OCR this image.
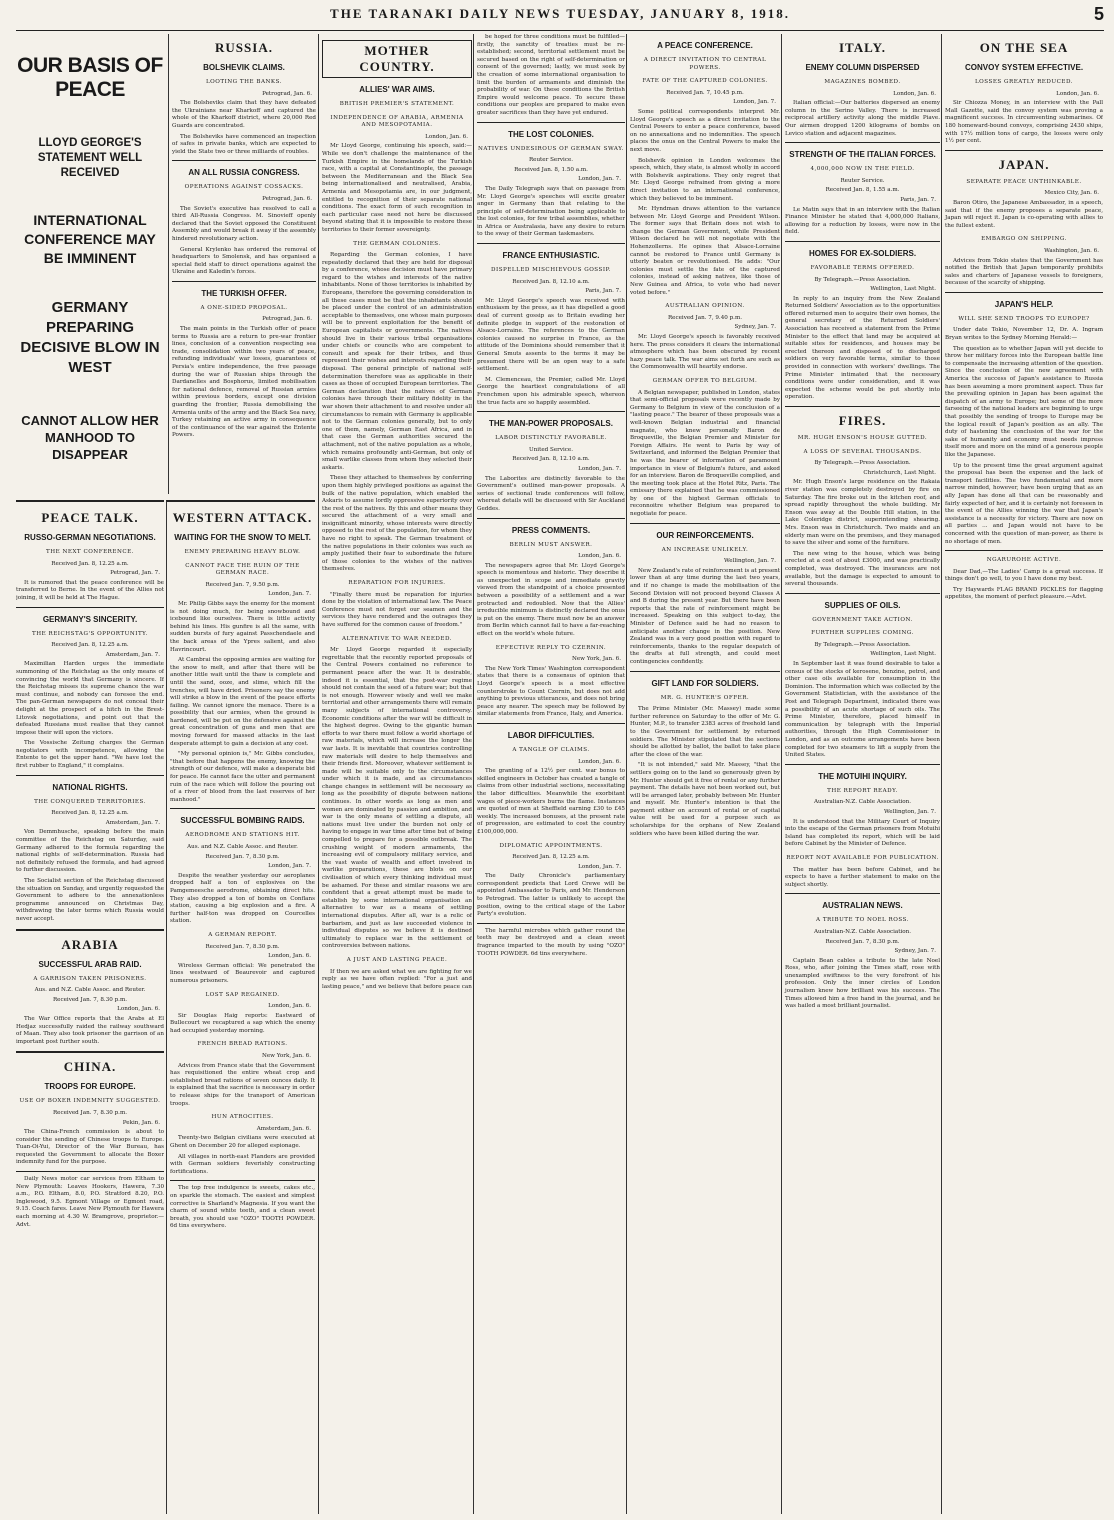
THE TARANAKI DAILY NEWS TUESDAY, JANUARY 8, 1918.	5
OUR BASIS OF PEACE
LLOYD GEORGE'S STATEMENT WELL RECEIVED
INTERNATIONAL CONFERENCE MAY BE IMMINENT
GERMANY PREPARING DECISIVE BLOW IN WEST
CANNOT ALLOW HER MANHOOD TO DISAPPEAR
PEACE TALK.
RUSSO-GERMAN NEGOTIATIONS.
THE NEXT CONFERENCE.
Received Jan. 8, 12.25 a.m.
Petrograd, Jan. 7.

It is rumored that the peace conference will be transferred to Berne. In the event of the Allies not joining, it will be held at The Hague.

GERMANY'S SINCERITY.
THE REICHSTAG'S OPPORTUNITY.
Received Jan. 8, 12.25 a.m.
Amsterdam, Jan. 7.

Maximilian Harden urges the immediate summoning of the Reichstag as the only means of convincing the world that Germany is sincere. If the Reichstag misses its supreme chance the war must continue, and nobody can foresee the end. The pan-German newspapers do not conceal their delight at the prospect of a hitch in the Brest-Litovsk negotiations, and point out that the defeated Russians must realise that they cannot impose their will upon the victors.

The Vossische Zeitung charges the German negotiators with incompetence, allowing the Entente to get the upper hand. "We have lost the first rubber to England," it complains.

NATIONAL RIGHTS.
THE CONQUERED TERRITORIES.
Received Jan. 8, 12.25 a.m.
Amsterdam, Jan. 7.

Von Demmhusche, speaking before the main committee of the Reichstag on Saturday, said Germany adhered to the formula regarding the national rights of self-determination. Russia had not definitely refused the formula, and had agreed to further discussion.

The Socialist section of the Reichstag discussed the situation on Sunday, and urgently requested the Government to adhere to the annexationless programme announced on Christmas Day, withdrawing the later terms which Russia would never accept.

ARABIA
SUCCESSFUL ARAB RAID.
A GARRISON TAKEN PRISONERS.
Aus. and N.Z. Cable Assoc. and Reuter.
Received Jan. 7, 8.30 p.m.
London, Jan. 6.

The War Office reports that the Arabs at El Hedjaz successfully raided the railway southward of Maan. They also took prisoner the garrison of an important post further south.

CHINA.
TROOPS FOR EUROPE.
USE OF BOXER INDEMNITY SUGGESTED.
Received Jan. 7, 8.30 p.m.
Pekin, Jan. 6.

The China-French commission is about to consider the sending of Chinese troops to Europe. Tuan-Oi-Yui, Director of the War Bureau, has requested the Government to allocate the Boxer indemnity fund for the purpose.

Daily News motor car services from Eltham to New Plymouth: Leaves Hookers, Hawera, 7.30 a.m., P.O. Eltham, 8.0, P.O. Stratford 8.20, P.O. Inglewood, 9.5. Egmont Village or Egmont road, 9.15. Coach fares. Leave New Plymouth for Hawera each morning at 4.30 W. Bramgrove, proprietor.—Advt.

WESTERN ATTACK.
WAITING FOR THE SNOW TO MELT.
ENEMY PREPARING HEAVY BLOW.
CANNOT FACE THE RUIN OF THE GERMAN RACE.
Received Jan. 7, 9.50 p.m.
London, Jan. 7.

Mr. Philip Gibbs says the enemy for the moment is not doing much, for being snowbound and icebound like ourselves. There is little activity behind his lines. His gunfire is all the same, with sudden bursts of fury against Passchendaele and the back areas of the Ypres salient, and also Havrincourt.

At Cambrai the opposing armies are waiting for the snow to melt, and after that there will be another little wait until the thaw is complete and until the sand, ooze, and slime, which fill the trenches, will have dried. Prisoners say the enemy will strike a blow in the event of the peace efforts failing. We cannot ignore the menace. There is a possibility that our armies, when the ground is hardened, will be put on the defensive against the great concentration of guns and men that are moving forward for massed attacks in the last desperate attempt to gain a decision at any cost.

"My personal opinion is," Mr. Gibbs concludes, "that before that happens the enemy, knowing the strength of our defence, will make a desperate bid for peace. He cannot face the utter and permanent ruin of the race which will follow the pouring out of a river of blood from the last reserves of her manhood."

SUCCESSFUL BOMBING RAIDS.
AERODROME AND STATIONS HIT.
Aus. and N.Z. Cable Assoc. and Reuter.
Received Jan. 7, 8.30 p.m.
London, Jan. 7.

Despite the weather yesterday our aeroplanes dropped half a ton of explosives on the Pamgemeesche aerodrome, obtaining direct hits. They also dropped a ton of bombs on Conflans station, causing a big explosion and a fire. A further half-ton was dropped on Courcelles station.

A GERMAN REPORT.
Received Jan. 7, 8.30 p.m.
London, Jan. 6.

Wireless German official: We penetrated the lines westward of Beaurevoir and captured numerous prisoners.

LOST SAP REGAINED.
London, Jan. 6.

Sir Douglas Haig reports: Eastward of Bullecourt we recaptured a sap which the enemy had occupied yesterday morning.

FRENCH BREAD RATIONS.
New York, Jan. 6.

Advices from France state that the Government has requisitioned the entire wheat crop and established bread rations of seven ounces daily. It is explained that the sacrifice is necessary in order to release ships for the transport of American troops.

HUN ATROCITIES.
Amsterdam, Jan. 6.

Twenty-two Belgian civilians were executed at Ghent on December 20 for alleged espionage.

All villages in north-east Flanders are provided with German soldiers feverishly constructing fortifications.

The top free indulgence is sweets, cakes etc., on sparkle the stomach. The easiest and simplest corrective is Sharland's Magnesia. If you want the charm of sound white teeth, and a clean sweet breath, you should use "OZO" TOOTH POWDER. 6d tins everywhere.

RUSSIA.
BOLSHEVIK CLAIMS.
LOOTING THE BANKS.
Petrograd, Jan. 6.

The Bolsheviks claim that they have defeated the Ukrainians near Kharkoff and captured the whole of the Kharkoff district, where 20,000 Red Guards are concentrated.

The Bolsheviks have commenced an inspection of safes in private banks, which are expected to yield the State two or three milliards of roubles.

AN ALL RUSSIA CONGRESS.
OPERATIONS AGAINST COSSACKS.
Petrograd, Jan. 6.

The Soviet's executive has resolved to call a third All-Russia Congress. M. Sinovieff openly declared that the Soviet opposed the Constituent Assembly and would break it away if the assembly hindered revolutionary action.

General Krylenko has ordered the removal of headquarters to Smolensk, and has organised a special field staff to direct operations against the Ukraine and Kaledin's forces.

THE TURKISH OFFER.
A ONE-SIDED PROPOSAL.
Petrograd, Jan. 6.

The main points in the Turkish offer of peace terms to Russia are a return to pre-war frontier lines, conclusion of a convention respecting sea trade, consolidation within two years of peace, refunding individuals' war losses, guarantees of Persia's entire independence, the free passage during the war of Russian ships through the Dardanelles and Bosphorus, limited mobilisation for national defence, removal of Russian armies within previous borders, except one division guarding the frontier, Russia demobilising the Armenia units of the army and the Black Sea navy, Turkey retaining an active army in consequence of the continuance of the war against the Entente Powers.

MOTHER COUNTRY.
ALLIES' WAR AIMS.
BRITISH PREMIER'S STATEMENT.
INDEPENDENCE OF ARABIA, ARMENIA AND MESOPOTAMIA.
London, Jan. 6.

Mr Lloyd George, continuing his speech, said:—While we don't challenge the maintenance of the Turkish Empire in the homelands of the Turkish race, with a capital at Constantinople, the passage between the Mediterranean and the Black Sea being internationalised and neutralised, Arabia, Armenia and Mesopotamia are, in our judgment, entitled to recognition of their separate national conditions. The exact form of such recognition in each particular case need not here be discussed beyond stating that it is impossible to restore these territories to their former sovereignty.

THE GERMAN COLONIES.

Regarding the German colonies, I have repeatedly declared that they are held for disposal by a conference, whose decision must have primary regard to the wishes and interests of the native inhabitants. None of those territories is inhabited by Europeans, therefore the governing consideration in all these cases must be that the inhabitants should be placed under the control of an administration acceptable to themselves, one whose main purposes will be to prevent exploitation for the benefit of European capitalists or governments. The natives should live in their various tribal organisations under chiefs or councils who are competent to consult and speak for their tribes, and thus represent their wishes and interests regarding their disposal. The general principle of national self-determination therefore was as applicable in their cases as those of occupied European territories. The German declaration that the natives of German colonies have through their military fidelity in the war shown their attachment to and resolve under all circumstances to remain with Germany is applicable not to the German colonies generally, but to only one of them, namely, German East Africa, and in that case the German authorities secured the attachment, not of the native population as a whole, which remains profoundly anti-German, but only of small warlike classes from whom they selected their askaris.

These they attached to themselves by conferring upon them highly privileged positions as against the bulk of the native population, which enabled the Askaris to assume lordly oppressive superiority over the rest of the natives. By this and other means they secured the attachment of a very small and insignificant minority, whose interests were directly opposed to the rest of the population, for whom they have no right to speak. The German treatment of the native populations in their colonies was such as amply justified their fear to subordinate the future of those colonies to the wishes of the natives themselves.

REPARATION FOR INJURIES.

"Finally there must be reparation for injuries done by the violation of international law. The Peace Conference must not forget our seamen and the services they have rendered and the outrages they have suffered for the common cause of freedom."

ALTERNATIVE TO WAR NEEDED.

Mr Lloyd George regarded it especially regrettable that the recently reported proposals of the Central Powers contained no reference to permanent peace after the war. It is desirable, indeed it is essential, that the post-war regime should not contain the seed of a future war; but that is not enough. However wisely and well we make territorial and other arrangements there will remain many subjects of international controversy. Economic conditions after the war will be difficult in the highest degree. Owing to the gigantic human efforts to war there must follow a world shortage of raw materials, which will increase the longer the war lasts. It is inevitable that countries controlling raw materials will desire to help themselves and their friends first. Moreover, whatever settlement is made will be suitable only to the circumstances under which it is made, and as circumstances change changes in settlement will be necessary as long as the possibility of dispute between nations continues. In other words as long as men and women are dominated by passion and ambition, and war is the only means of settling a dispute, all nations must live under the burden not only of having to engage in war time after time but of being compelled to prepare for a possible outbreak. The crushing weight of modern armaments, the increasing evil of compulsory military service, and the vast waste of wealth and effort involved in warlike preparations, these are blots on our civilisation of which every thinking individual must be ashamed. For these and similar reasons we are confident that a great attempt must be made to establish by some international organisation an alternative to war as a means of settling international disputes. After all, war is a relic of barbarism, and just as law succeeded violence in individual disputes so we believe it is destined ultimately to replace war in the settlement of controversies between nations.

A JUST AND LASTING PEACE.

If then we are asked what we are fighting for we reply as we have often replied: "For a just and lasting peace," and we believe that before peace can

be hoped for three conditions must be fulfilled—firstly, the sanctity of treaties must be re-established; second, territorial settlement must be secured based on the right of self-determination or consent of the governed; lastly, we must seek by the creation of some international organisation to limit the burden of armaments and diminish the probability of war. On these conditions the British Empire would welcome peace. To secure these conditions our peoples are prepared to make even greater sacrifices than they have yet endured.

THE LOST COLONIES.
NATIVES UNDESIROUS OF GERMAN SWAY.
Reuter Service.
Received Jan. 8, 1.50 a.m.
London, Jan. 7.

The Daily Telegraph says that on passage from Mr. Lloyd George's speeches will excite greater anger in Germany than that relating to the principle of self-determination being applicable to the lost colonies, for few tribal assemblies, whether in Africa or Australasia, have any desire to return to the sway of their German taskmasters.

FRANCE ENTHUSIASTIC.
DISPELLED MISCHIEVOUS GOSSIP.
Received Jan. 8, 12.10 a.m.
Paris, Jan. 7.

Mr. Lloyd George's speech was received with enthusiasm by the press, as it has dispelled a good deal of current gossip as to Britain evading her definite pledge in support of the restoration of Alsace-Lorraine. The references to the German colonies caused no surprise in France, as the attitude of the Dominions should remember that it General Smuts assents to the terms it may be presumed there will be an open way to a safe settlement.

M. Clemenceau, the Premier, called Mr. Lloyd George the heartiest congratulations of all Frenchmen upon his admirable speech, whereon the true facts are so happily assembled.

THE MAN-POWER PROPOSALS.
LABOR DISTINCTLY FAVORABLE.
United Service.
Received Jan. 8, 12.10 a.m.
London, Jan. 7.

The Laborites are distinctly favorable to the Government's outlined man-power proposals. A series of sectional trade conferences will follow, whereat details will be discussed with Sir Auckland Geddes.

PRESS COMMENTS.
BERLIN MUST ANSWER.
London, Jan. 6.

The newspapers agree that Mr. Lloyd George's speech is momentous and historic. They describe it as unexpected in scope and immediate gravity viewed from the standpoint of a choice presented between a possibility of a settlement and a war protracted and redoubled. Now that the Allies' irreducible minimum is distinctly declared the onus is put on the enemy. There must now be an answer from Berlin which cannot fail to have a far-reaching effect on the world's whole future.

EFFECTIVE REPLY TO CZERNIN.
New York, Jan. 6.

The New York Times' Washington correspondent states that there is a consensus of opinion that Lloyd George's speech is a most effective counterstroke to Count Czernin, but does not add anything to previous utterances, and does not bring peace any nearer. The speech may be followed by similar statements from France, Italy, and America.

LABOR DIFFICULTIES.
A TANGLE OF CLAIMS.
London, Jan. 6.

The granting of a 12½ per cent. war bonus to skilled engineers in October has created a tangle of claims from other industrial sections, necessitating the labor difficulties. Meanwhile the exorbitant wages of piece-workers burns the flame. Instances are quoted of men at Sheffield earning £30 to £45 weekly. The increased bonuses, at the present rate of progression, are estimated to cost the country £100,000,000.

DIPLOMATIC APPOINTMENTS.
Received Jan. 8, 12.25 a.m.
London, Jan. 7.

The Daily Chronicle's parliamentary correspondent predicts that Lord Crewe will be appointed Ambassador to Paris, and Mr. Henderson to Petrograd. The latter is unlikely to accept the position, owing to the critical stage of the Labor Party's evolution.

The harmful microbes which gather round the teeth may be destroyed and a clean sweet fragrance imparted to the mouth by using "OZO" TOOTH POWDER. 6d tins everywhere.

A PEACE CONFERENCE.
A DIRECT INVITATION TO CENTRAL POWERS.
FATE OF THE CAPTURED COLONIES.
Received Jan. 7, 10.45 p.m.
London, Jan. 7.

Some political correspondents interpret Mr. Lloyd George's speech as a direct invitation to the Central Powers to enter a peace conference, based on no annexations and no indemnities. The speech places the onus on the Central Powers to make the next move.

Bolshevik opinion in London welcomes the speech, which, they state, is almost wholly in accord with Bolshevik aspirations. They only regret that Mr. Lloyd George refrained from giving a more direct invitation to an international conference, which they believed to be imminent.

Mr. Hyndman draws attention to the variance between Mr. Lloyd George and President Wilson. The former says that Britain does not wish to change the German Government, while President Wilson declared he will not negotiate with the Hohenzollerns. He opines that Alsace-Lorraine cannot be restored to France until Germany is utterly beaten or revolutionised. He adds: "Our colonies must settle the fate of the captured colonies, instead of asking natives, like those of New Guinea and Africa, to vote who had never voted before."

AUSTRALIAN OPINION.
Received Jan. 7, 9.40 p.m.
Sydney, Jan. 7.

Mr. Lloyd George's speech is favorably received here. The press considers it clears the international atmosphere which has been obscured by recent hazy peace talk. The war aims set forth are such as the Commonwealth will heartily endorse.

GERMAN OFFER TO BELGIUM.

A Belgian newspaper, published in London, states that semi-official proposals were recently made by Germany to Belgium in view of the conclusion of a "lasting peace." The bearer of these proposals was a well-known Belgian industrial and financial magnate, who knew personally Baron de Broqueville, the Belgian Premier and Minister for Foreign Affairs. He went to Paris by way of Switzerland, and informed the Belgian Premier that he was the bearer of information of paramount importance in view of Belgium's future, and asked for an interview. Baron de Broqueville complied, and the meeting took place at the Hotel Ritz, Paris. The emissary there explained that he was commissioned by one of the highest German officials to reconnoitre whether Belgium was prepared to negotiate for peace.

OUR REINFORCEMENTS.
AN INCREASE UNLIKELY.
Wellington, Jan. 7.

New Zealand's rate of reinforcement is at present lower than at any time during the last two years, and if no change is made the mobilisation of the Second Division will not proceed beyond Classes A and B during the present year. But there have been reports that the rate of reinforcement might be increased. Speaking on this subject to-day, the Minister of Defence said he had no reason to anticipate another change in the position. New Zealand was in a very good position with regard to reinforcements, thanks to the regular despatch of the drafts at full strength, and could meet contingencies confidently.

GIFT LAND FOR SOLDIERS.
MR. G. HUNTER'S OFFER.

The Prime Minister (Mr. Massey) made some further reference on Saturday to the offer of Mr. G. Hunter, M.P., to transfer 2383 acres of freehold land to the Government for settlement by returned soldiers. The Minister stipulated that the sections should be allotted by ballot, the ballot to take place after the close of the war.

"It is not intended," said Mr. Massey, "that the settlers going on to the land so generously given by Mr. Hunter should get it free of rental or any further payment. The details have not been worked out, but will be arranged later, probably between Mr. Hunter and myself. Mr. Hunter's intention is that the payment either on account of rental or of capital value will be used for a purpose such as scholarships for the orphans of New Zealand soldiers who have been killed during the war.

ITALY.
ENEMY COLUMN DISPERSED
MAGAZINES BOMBED.
London, Jan. 6.

Italian official:—Our batteries dispersed an enemy column in the Serino Valley. There is increased reciprocal artillery activity along the middle Piave. Our airmen dropped 1200 kilograms of bombs on Levico station and adjacent magazines.

STRENGTH OF THE ITALIAN FORCES.
4,000,000 NOW IN THE FIELD.
Reuter Service.
Received Jan. 8, 1.55 a.m.
Paris, Jan. 7.

Le Matin says that in an interview with the Italian Finance Minister he stated that 4,000,000 Italians, allowing for a reduction by losses, were now in the field.

HOMES FOR EX-SOLDIERS.
FAVORABLE TERMS OFFERED.
By Telegraph.—Press Association.
Wellington, Last Night.

In reply to an inquiry from the New Zealand Returned Soldiers' Association as to the opportunities offered returned men to acquire their own homes, the general secretary of the Returned Soldiers' Association has received a statement from the Prime Minister to the effect that land may be acquired at suitable sites for residences, and houses may be erected thereon and disposed of to discharged soldiers on very favorable terms, similar to those provided in connection with workers' dwellings. The Prime Minister intimated that the necessary conditions were under consideration, and it was expected the scheme would be put shortly into operation.

FIRES.
MR. HUGH ENSON'S HOUSE GUTTED.
A LOSS OF SEVERAL THOUSANDS.
By Telegraph.—Press Association.
Christchurch, Last Night.

Mr. Hugh Enson's large residence on the Rakaia river station was completely destroyed by fire on Saturday. The fire broke out in the kitchen roof, and spread rapidly throughout the whole building. Mr Enson was away at the Double Hill station, in the Lake Coleridge district, superintending shearing. Mrs. Enson was in Christchurch. Two maids and an elderly man were on the premises, and they managed to save the silver and some of the furniture.

The new wing to the house, which was being erected at a cost of about £3000, and was practically completed, was destroyed. The insurances are not available, but the damage is expected to amount to several thousands.

SUPPLIES OF OILS.
GOVERNMENT TAKE ACTION.
FURTHER SUPPLIES COMING.
By Telegraph.—Press Association.
Wellington, Last Night.

In September last it was found desirable to take a census of the stocks of kerosene, benzine, petrol, and other case oils available for consumption in the Dominion. The information which was collected by the Government Statistician, with the assistance of the Post and Telegraph Department, indicated there was a possibility of an acute shortage of such oils. The Prime Minister, therefore, placed himself in communication by telegraph with the Imperial authorities, through the High Commissioner in London, and as an outcome arrangements have been completed for two steamers to lift a supply from the United States.

THE MOTUIHI INQUIRY.
THE REPORT READY.
Australian-N.Z. Cable Association.
Wellington, Jan. 7.

It is understood that the Military Court of Inquiry into the escape of the German prisoners from Motuihi Island has completed its report, which will be laid before Cabinet by the Minister of Defence.

REPORT NOT AVAILABLE FOR PUBLICATION.

The matter has been before Cabinet, and he expects to have a further statement to make on the subject shortly.

AUSTRALIAN NEWS.
A TRIBUTE TO NOEL ROSS.
Australian-N.Z. Cable Association.
Received Jan. 7, 8.30 p.m.
Sydney, Jan. 7.

Captain Bean cables a tribute to the late Noel Ross, who, after joining the Times staff, rose with unexampled swiftness to the very forefront of his profession. Only the inner circles of London journalism knew how brilliant was his success. The Times allowed him a free hand in the journal, and he was hailed a most brilliant journalist.

ON THE SEA
CONVOY SYSTEM EFFECTIVE.
LOSSES GREATLY REDUCED.
London, Jan. 6.

Sir Chiozza Money, in an interview with the Pall Mall Gazette, said the convoy system was proving a magnificent success. In circumventing submarines. Of 180 homeward-bound convoys, comprising 2430 ships, with 17½ million tons of cargo, the losses were only 1½ per cent.

JAPAN.
SEPARATE PEACE UNTHINKABLE.
Mexico City, Jan. 6.

Baron Otiro, the Japanese Ambassador, in a speech, said that if the enemy proposes a separate peace, Japan will reject it. Japan is co-operating with allies to the fullest extent.

EMBARGO ON SHIPPING.
Washington, Jan. 6.

Advices from Tokio states that the Government has notified the British that Japan temporarily prohibits sales and charters of Japanese vessels to foreigners, because of the scarcity of shipping.

JAPAN'S HELP.
WILL SHE SEND TROOPS TO EUROPE?

Under date Tokio, November 12, Dr. A. Ingram Bryan writes to the Sydney Morning Herald:—

The question as to whether Japan will yet decide to throw her military forces into the European battle line to compensate the increasing attention of the question. Since the conclusion of the new agreement with America the success of Japan's assistance to Russia has been assuming a more prominent aspect. Thus far the prevailing opinion in Japan has been against the dispatch of an army to Europe; but some of the more farseeing of the national leaders are beginning to urge that possibly the sending of troops to Europe may be the logical result of Japan's position as an ally. The duty of hastening the conclusion of the war for the sake of humanity and economy must needs impress itself more and more on the mind of a generous people like the Japanese.

Up to the present time the great argument against the proposal has been the expense and the lack of transport facilities. The two fundamental and more narrow minded, however, have been urging that as an ally Japan has done all that can be reasonably and fairly expected of her, and it is certainly not foreseen in the event of the Allies winning the war that Japan's assistance is a necessity for victory. There are now on all parties ... and Japan would not have to be concerned with the question of man-power, as there is no shortage of men.

NGARUROHE ACTIVE.

Dear Dad,—The Ladies' Camp is a great success. If things don't go well, to you I have done my best.

Try Haywards FLAG BRAND PICKLES for flagging appetites, the moment of perfect pleasure.—Advt.
